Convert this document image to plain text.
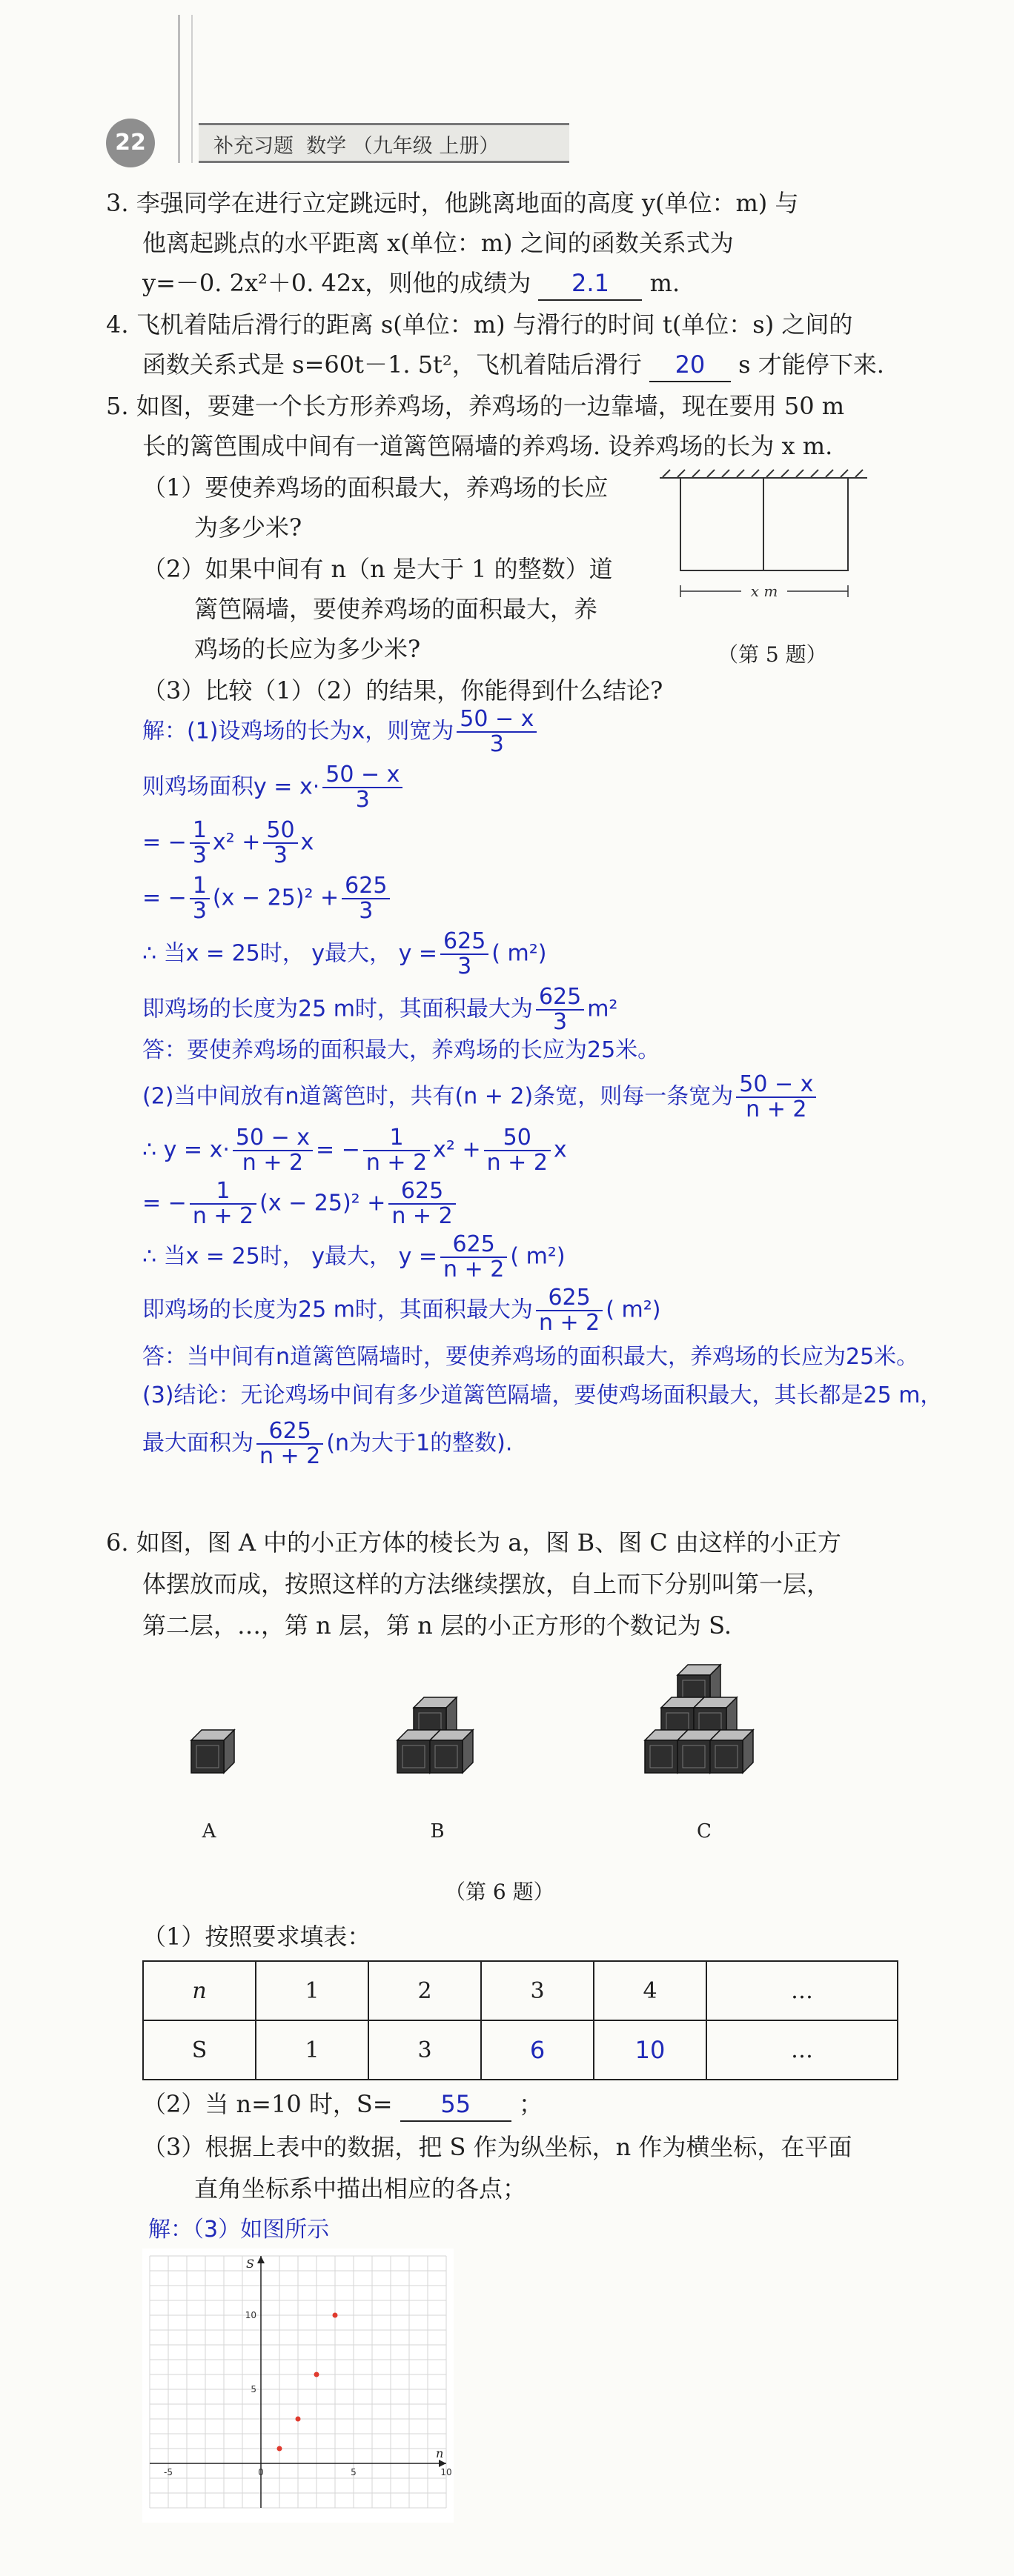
22	补充习题  数学 （九年级 上册）
3. 李强同学在进行立定跳远时，他跳离地面的高度 y(单位：m) 与
他离起跳点的水平距离 x(单位：m) 之间的函数关系式为
y=－0. 2x²＋0. 42x，则他的成绩为 2.1 m.
4. 飞机着陆后滑行的距离 s(单位：m) 与滑行的时间 t(单位：s) 之间的
函数关系式是 s=60t－1. 5t²，飞机着陆后滑行 20 s 才能停下来.
5. 如图，要建一个长方形养鸡场，养鸡场的一边靠墙，现在要用 50 m
长的篱笆围成中间有一道篱笆隔墙的养鸡场. 设养鸡场的长为 x m.
（1）要使养鸡场的面积最大，养鸡场的长应
为多少米?
（2）如果中间有 n（n 是大于 1 的整数）道
篱笆隔墙，要使养鸡场的面积最大，养
鸡场的长应为多少米?
（3）比较（1）（2）的结果，你能得到什么结论?
x m
（第 5 题）
解：(1)设鸡场的长为x，则宽为 $\frac{50 - x}{3}$
则鸡场面积$y = x\cdot \frac{50 - x}{3}$
= − $\frac{1}{3} x^2 + \frac{50}{3}$ x
= − $\frac{1}{3} (x - 25)^2 + \frac{625}{3}$
∴ 当x = 25时， y最大， $y = \frac{625}{3}$ ( m²)
即鸡场的长度为25 m时，其面积最大为 $\frac{625}{3} m^2$
答：要使养鸡场的面积最大，养鸡场的长应为25米。
(2)当中间放有n道篱笆时，共有(n + 2)条宽，则每一条宽为 $\frac{50 - x}{n + 2}$
∴ $y = x\cdot \frac{50 - x}{n + 2}$ = − $\frac{1}{n + 2} x^2 + \frac{50}{n + 2}$ x
= − $\frac{1}{n + 2} (x - 25)^2 + \frac{625}{n + 2}$
∴ 当x = 25时， y最大， $y = \frac{625}{n + 2}$ ( m²)
即鸡场的长度为25 m时，其面积最大为 $\frac{625}{n + 2}$ ( m²)
答：当中间有n道篱笆隔墙时，要使养鸡场的面积最大，养鸡场的长应为25米。
(3)结论：无论鸡场中间有多少道篱笆隔墙，要使鸡场面积最大，其长都是25 m，
最大面积为 $\frac{625}{n + 2} (n$为大于1的整数).
6. 如图，图 A 中的小正方体的棱长为 a，图 B、图 C 由这样的小正方
体摆放而成，按照这样的方法继续摆放，自上而下分别叫第一层，
第二层，…，第 n 层，第 n 层的小正方形的个数记为 S.
A	B	C
（第 6 题）
（1）按照要求填表：
n	1	2	3	4	…
S	1	3	6	10	…
（2）当 n=10 时，S= 55 ；
（3）根据上表中的数据，把 S 作为纵坐标，n 作为横坐标，在平面
直角坐标系中描出相应的各点；
解：（3）如图所示
-5	0	5	10
5
10
n
S
